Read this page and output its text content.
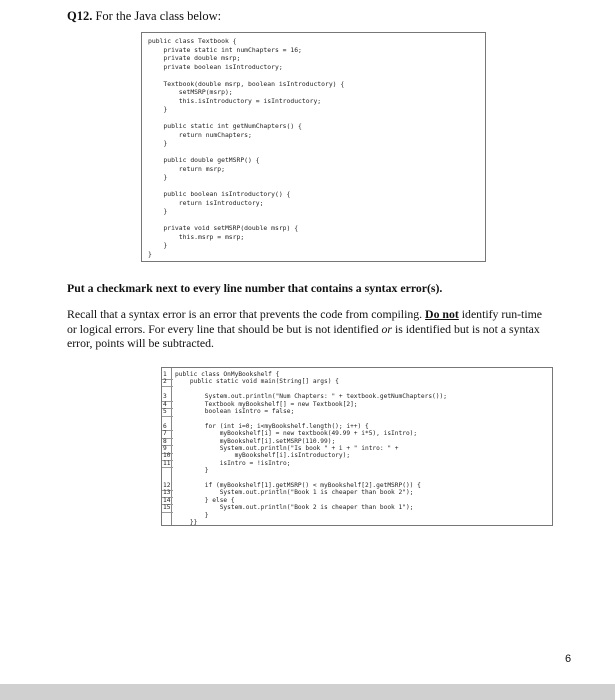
Q12. For the Java class below:
public class Textbook {
private static int numChapters = 16;
private double msrp;
private boolean isIntroductory;
Textbook(double msrp, boolean isIntroductory) {
setMSRP(msrp);
this.isIntroductory = isIntroductory;
}
public static int getNumChapters() {
return numChapters;
}
public double getMSRP() {
return msrp;
}
public boolean isIntroductory() {
return isIntroductory;
}
private void setMSRP(double msrp) {
this.msrp = msrp;
}
}
Put a checkmark next to every line number that contains a syntax error(s).
Recall that a syntax error is an error that prevents the code from compiling. Do not identify run-time or logical errors. For every line that should be but is not identified or is identified but is not a syntax error, points will be subtracted.
1	public class OnMyBookshelf {
2	public static void main(String[] args) {
3	System.out.println("Num Chapters: " + textbook.getNumChapters());
4	Textbook myBookshelf[] = new Textbook[2];
5	boolean isIntro = false;
6	for (int i=0; i<myBookshelf.length(); i++) {
7	myBookshelf[i] = new textbook(49.99 + i*5), isIntro);
8	myBookshelf[i].setMSRP(110.99);
9	System.out.println("Is book " + i + " intro: " +
10 myBookshelf[i].isIntroductory);
11 isIntro = !isIntro;
}
12 if (myBookshelf[1].getMSRP() < myBookshelf[2].getMSRP()) {
13 System.out.println("Book 1 is cheaper than book 2");
14 } else {
15 System.out.println("Book 2 is cheaper than book 1");
}
}}
6
